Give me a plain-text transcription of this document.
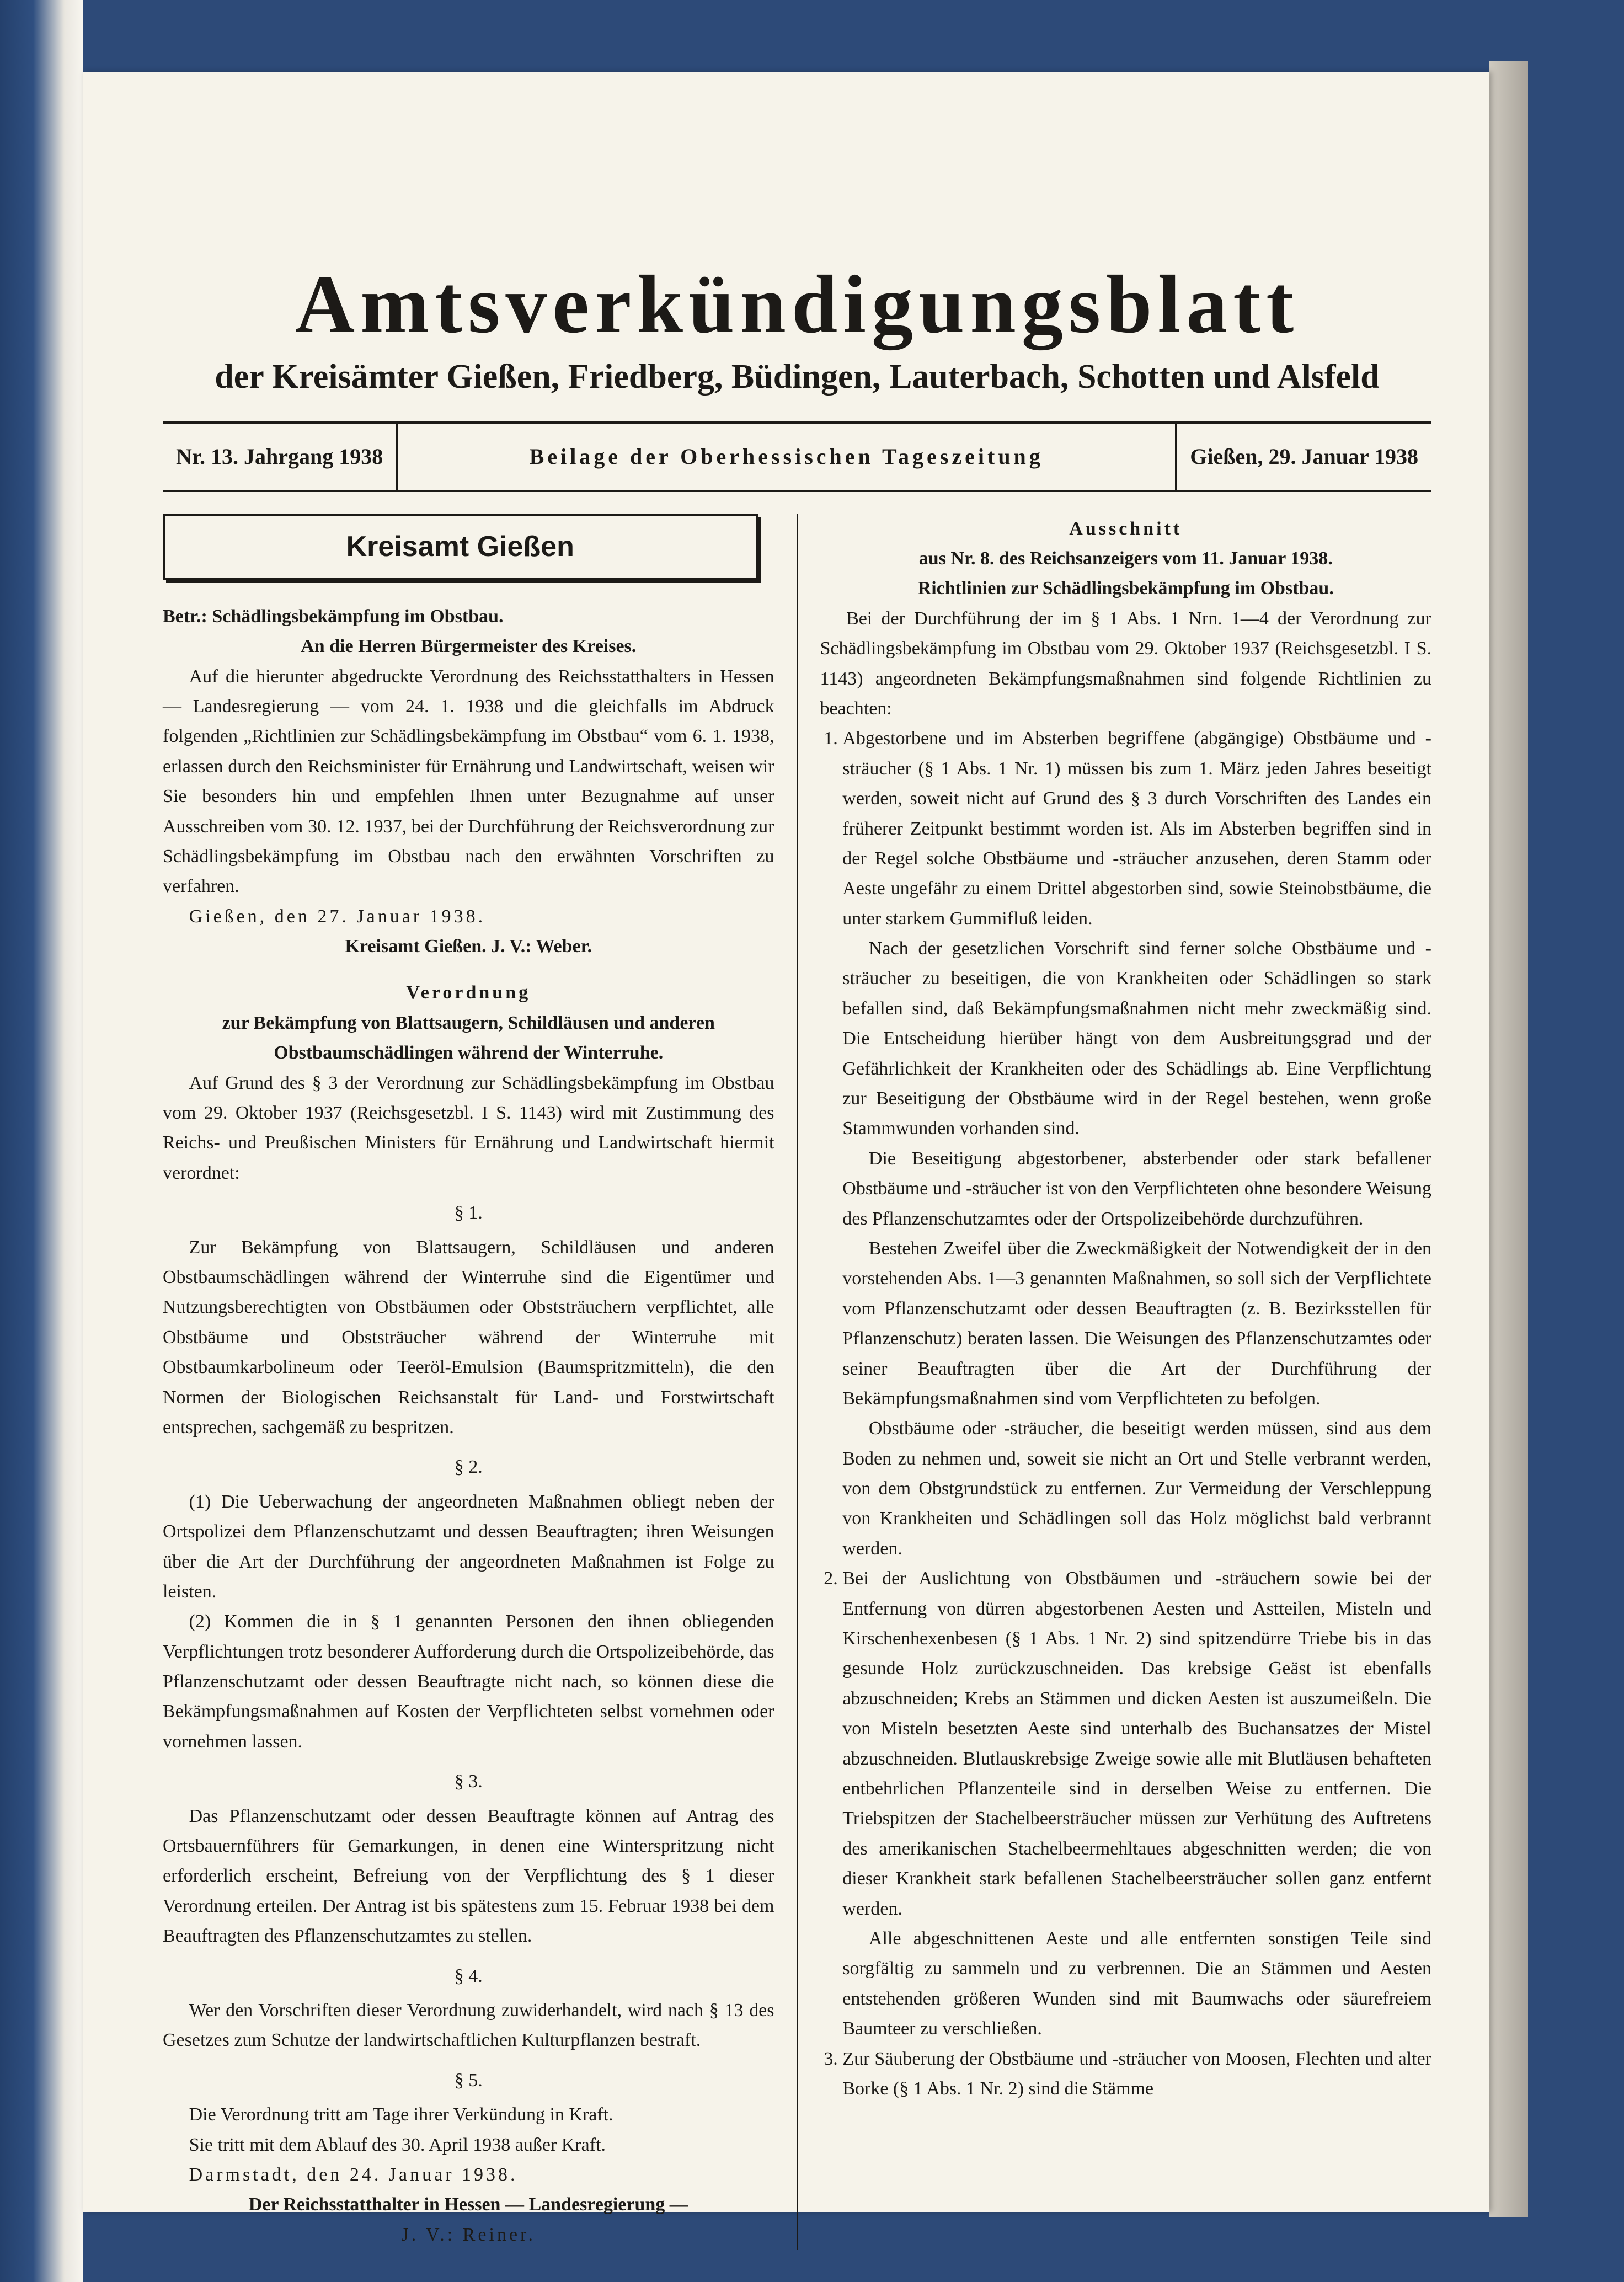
Amtsverkündigungsblatt
der Kreisämter Gießen, Friedberg, Büdingen, Lauterbach, Schotten und Alsfeld
Nr. 13. Jahrgang 1938	Beilage der Oberhessischen Tageszeitung	Gießen, 29. Januar 1938
Kreisamt Gießen

Betr.: Schädlingsbekämpfung im Obstbau.

An die Herren Bürgermeister des Kreises.

Auf die hierunter abgedruckte Verordnung des Reichsstatthalters in Hessen — Landesregierung — vom 24. 1. 1938 und die gleichfalls im Abdruck folgenden „Richtlinien zur Schädlingsbekämpfung im Obstbau“ vom 6. 1. 1938, erlassen durch den Reichsminister für Ernährung und Landwirtschaft, weisen wir Sie besonders hin und empfehlen Ihnen unter Bezugnahme auf unser Ausschreiben vom 30. 12. 1937, bei der Durchführung der Reichsverordnung zur Schädlingsbekämpfung im Obstbau nach den erwähnten Vorschriften zu verfahren.

Gießen, den 27. Januar 1938.

Kreisamt Gießen. J. V.: Weber.

Verordnung

zur Bekämpfung von Blattsaugern, Schildläusen und anderen Obstbaumschädlingen während der Winterruhe.

Auf Grund des § 3 der Verordnung zur Schädlingsbekämpfung im Obstbau vom 29. Oktober 1937 (Reichsgesetzbl. I S. 1143) wird mit Zustimmung des Reichs- und Preußischen Ministers für Ernährung und Landwirtschaft hiermit verordnet:

§ 1.

Zur Bekämpfung von Blattsaugern, Schildläusen und anderen Obstbaumschädlingen während der Winterruhe sind die Eigentümer und Nutzungsberechtigten von Obstbäumen oder Obststräuchern verpflichtet, alle Obstbäume und Obststräucher während der Winterruhe mit Obstbaumkarbolineum oder Teeröl-Emulsion (Baumspritzmitteln), die den Normen der Biologischen Reichsanstalt für Land- und Forstwirtschaft entsprechen, sachgemäß zu bespritzen.

§ 2.

(1) Die Ueberwachung der angeordneten Maßnahmen obliegt neben der Ortspolizei dem Pflanzenschutzamt und dessen Beauftragten; ihren Weisungen über die Art der Durchführung der angeordneten Maßnahmen ist Folge zu leisten.

(2) Kommen die in § 1 genannten Personen den ihnen obliegenden Verpflichtungen trotz besonderer Aufforderung durch die Ortspolizeibehörde, das Pflanzenschutzamt oder dessen Beauftragte nicht nach, so können diese die Bekämpfungsmaßnahmen auf Kosten der Verpflichteten selbst vornehmen oder vornehmen lassen.

§ 3.

Das Pflanzenschutzamt oder dessen Beauftragte können auf Antrag des Ortsbauernführers für Gemarkungen, in denen eine Winterspritzung nicht erforderlich erscheint, Befreiung von der Verpflichtung des § 1 dieser Verordnung erteilen. Der Antrag ist bis spätestens zum 15. Februar 1938 bei dem Beauftragten des Pflanzenschutzamtes zu stellen.

§ 4.

Wer den Vorschriften dieser Verordnung zuwiderhandelt, wird nach § 13 des Gesetzes zum Schutze der landwirtschaftlichen Kulturpflanzen bestraft.

§ 5.

Die Verordnung tritt am Tage ihrer Verkündung in Kraft.

Sie tritt mit dem Ablauf des 30. April 1938 außer Kraft.

Darmstadt, den 24. Januar 1938.

Der Reichsstatthalter in Hessen — Landesregierung —

J. V.: Reiner.

Ausschnitt

aus Nr. 8. des Reichsanzeigers vom 11. Januar 1938.

Richtlinien zur Schädlingsbekämpfung im Obstbau.

Bei der Durchführung der im § 1 Abs. 1 Nrn. 1—4 der Verordnung zur Schädlingsbekämpfung im Obstbau vom 29. Oktober 1937 (Reichsgesetzbl. I S. 1143) angeordneten Bekämpfungsmaßnahmen sind folgende Richtlinien zu beachten:

1. Abgestorbene und im Absterben begriffene (abgängige) Obstbäume und -sträucher (§ 1 Abs. 1 Nr. 1) müssen bis zum 1. März jeden Jahres beseitigt werden, soweit nicht auf Grund des § 3 durch Vorschriften des Landes ein früherer Zeitpunkt bestimmt worden ist. Als im Absterben begriffen sind in der Regel solche Obstbäume und -sträucher anzusehen, deren Stamm oder Aeste ungefähr zu einem Drittel abgestorben sind, sowie Steinobstbäume, die unter starkem Gummifluß leiden.

Nach der gesetzlichen Vorschrift sind ferner solche Obstbäume und -sträucher zu beseitigen, die von Krankheiten oder Schädlingen so stark befallen sind, daß Bekämpfungsmaßnahmen nicht mehr zweckmäßig sind. Die Entscheidung hierüber hängt von dem Ausbreitungsgrad und der Gefährlichkeit der Krankheiten oder des Schädlings ab. Eine Verpflichtung zur Beseitigung der Obstbäume wird in der Regel bestehen, wenn große Stammwunden vorhanden sind.

Die Beseitigung abgestorbener, absterbender oder stark befallener Obstbäume und -sträucher ist von den Verpflichteten ohne besondere Weisung des Pflanzenschutzamtes oder der Ortspolizeibehörde durchzuführen.

Bestehen Zweifel über die Zweckmäßigkeit der Notwendigkeit der in den vorstehenden Abs. 1—3 genannten Maßnahmen, so soll sich der Verpflichtete vom Pflanzenschutzamt oder dessen Beauftragten (z. B. Bezirksstellen für Pflanzenschutz) beraten lassen. Die Weisungen des Pflanzenschutzamtes oder seiner Beauftragten über die Art der Durchführung der Bekämpfungsmaßnahmen sind vom Verpflichteten zu befolgen.

Obstbäume oder -sträucher, die beseitigt werden müssen, sind aus dem Boden zu nehmen und, soweit sie nicht an Ort und Stelle verbrannt werden, von dem Obstgrundstück zu entfernen. Zur Vermeidung der Verschleppung von Krankheiten und Schädlingen soll das Holz möglichst bald verbrannt werden.

2. Bei der Auslichtung von Obstbäumen und -sträuchern sowie bei der Entfernung von dürren abgestorbenen Aesten und Astteilen, Misteln und Kirschenhexenbesen (§ 1 Abs. 1 Nr. 2) sind spitzendürre Triebe bis in das gesunde Holz zurückzuschneiden. Das krebsige Geäst ist ebenfalls abzuschneiden; Krebs an Stämmen und dicken Aesten ist auszumeißeln. Die von Misteln besetzten Aeste sind unterhalb des Buchansatzes der Mistel abzuschneiden. Blutlauskrebsige Zweige sowie alle mit Blutläusen behafteten entbehrlichen Pflanzenteile sind in derselben Weise zu entfernen. Die Triebspitzen der Stachelbeersträucher müssen zur Verhütung des Auftretens des amerikanischen Stachelbeermehltaues abgeschnitten werden; die von dieser Krankheit stark befallenen Stachelbeersträucher sollen ganz entfernt werden.

Alle abgeschnittenen Aeste und alle entfernten sonstigen Teile sind sorgfältig zu sammeln und zu verbrennen. Die an Stämmen und Aesten entstehenden größeren Wunden sind mit Baumwachs oder säurefreiem Baumteer zu verschließen.

3. Zur Säuberung der Obstbäume und -sträucher von Moosen, Flechten und alter Borke (§ 1 Abs. 1 Nr. 2) sind die Stämme
